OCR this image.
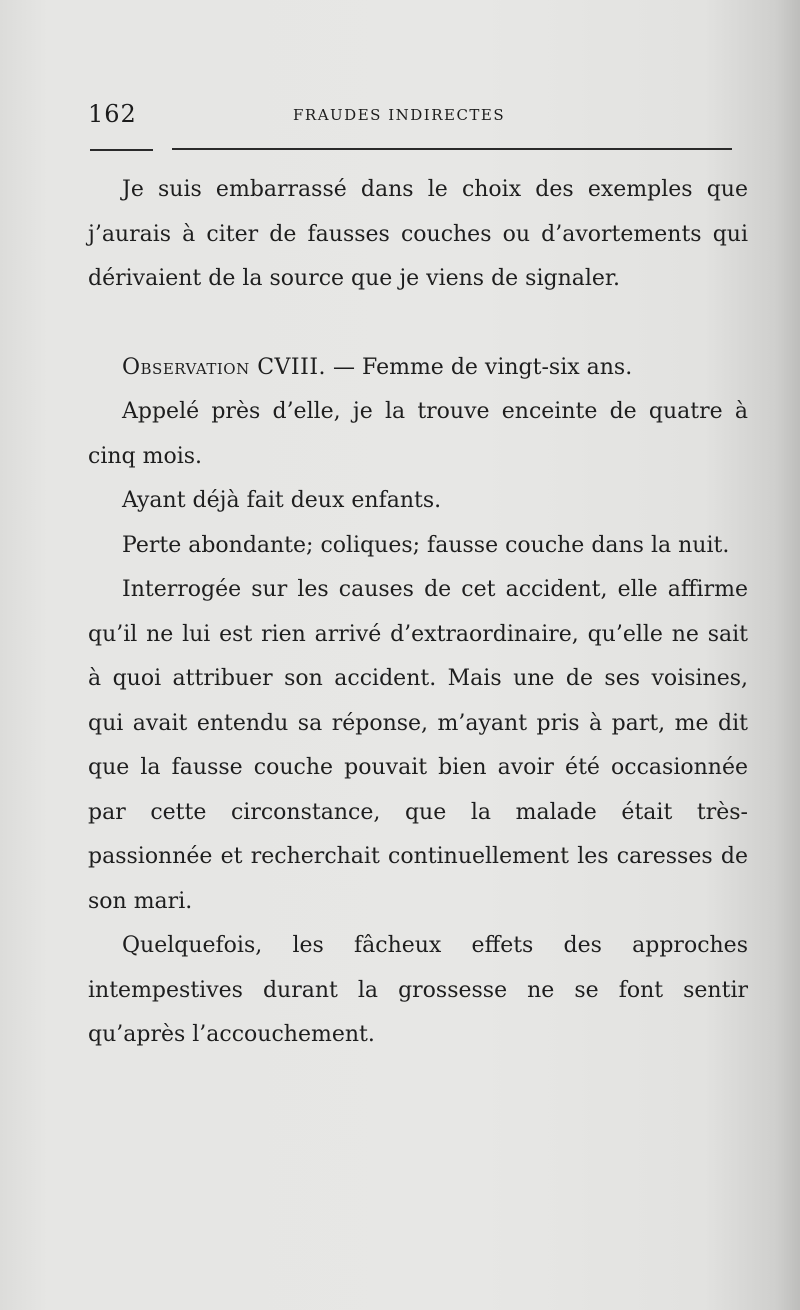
162	FRAUDES INDIRECTES

Je suis embarrassé dans le choix des exemples que j’aurais à citer de fausses couches ou d’avortements qui dérivaient de la source que je viens de signaler.

Observation CVIII. — Femme de vingt-six ans.

Appelé près d’elle, je la trouve enceinte de quatre à cinq mois.

Ayant déjà fait deux enfants.

Perte abondante; coliques; fausse couche dans la nuit.

Interrogée sur les causes de cet accident, elle affirme qu’il ne lui est rien arrivé d’extraordinaire, qu’elle ne sait à quoi attribuer son accident. Mais une de ses voisines, qui avait entendu sa réponse, m’ayant pris à part, me dit que la fausse couche pouvait bien avoir été occasionnée par cette circonstance, que la malade était très-passionnée et recherchait continuellement les caresses de son mari.

Quelquefois, les fâcheux effets des approches intempestives durant la grossesse ne se font sentir qu’après l’accouchement.
